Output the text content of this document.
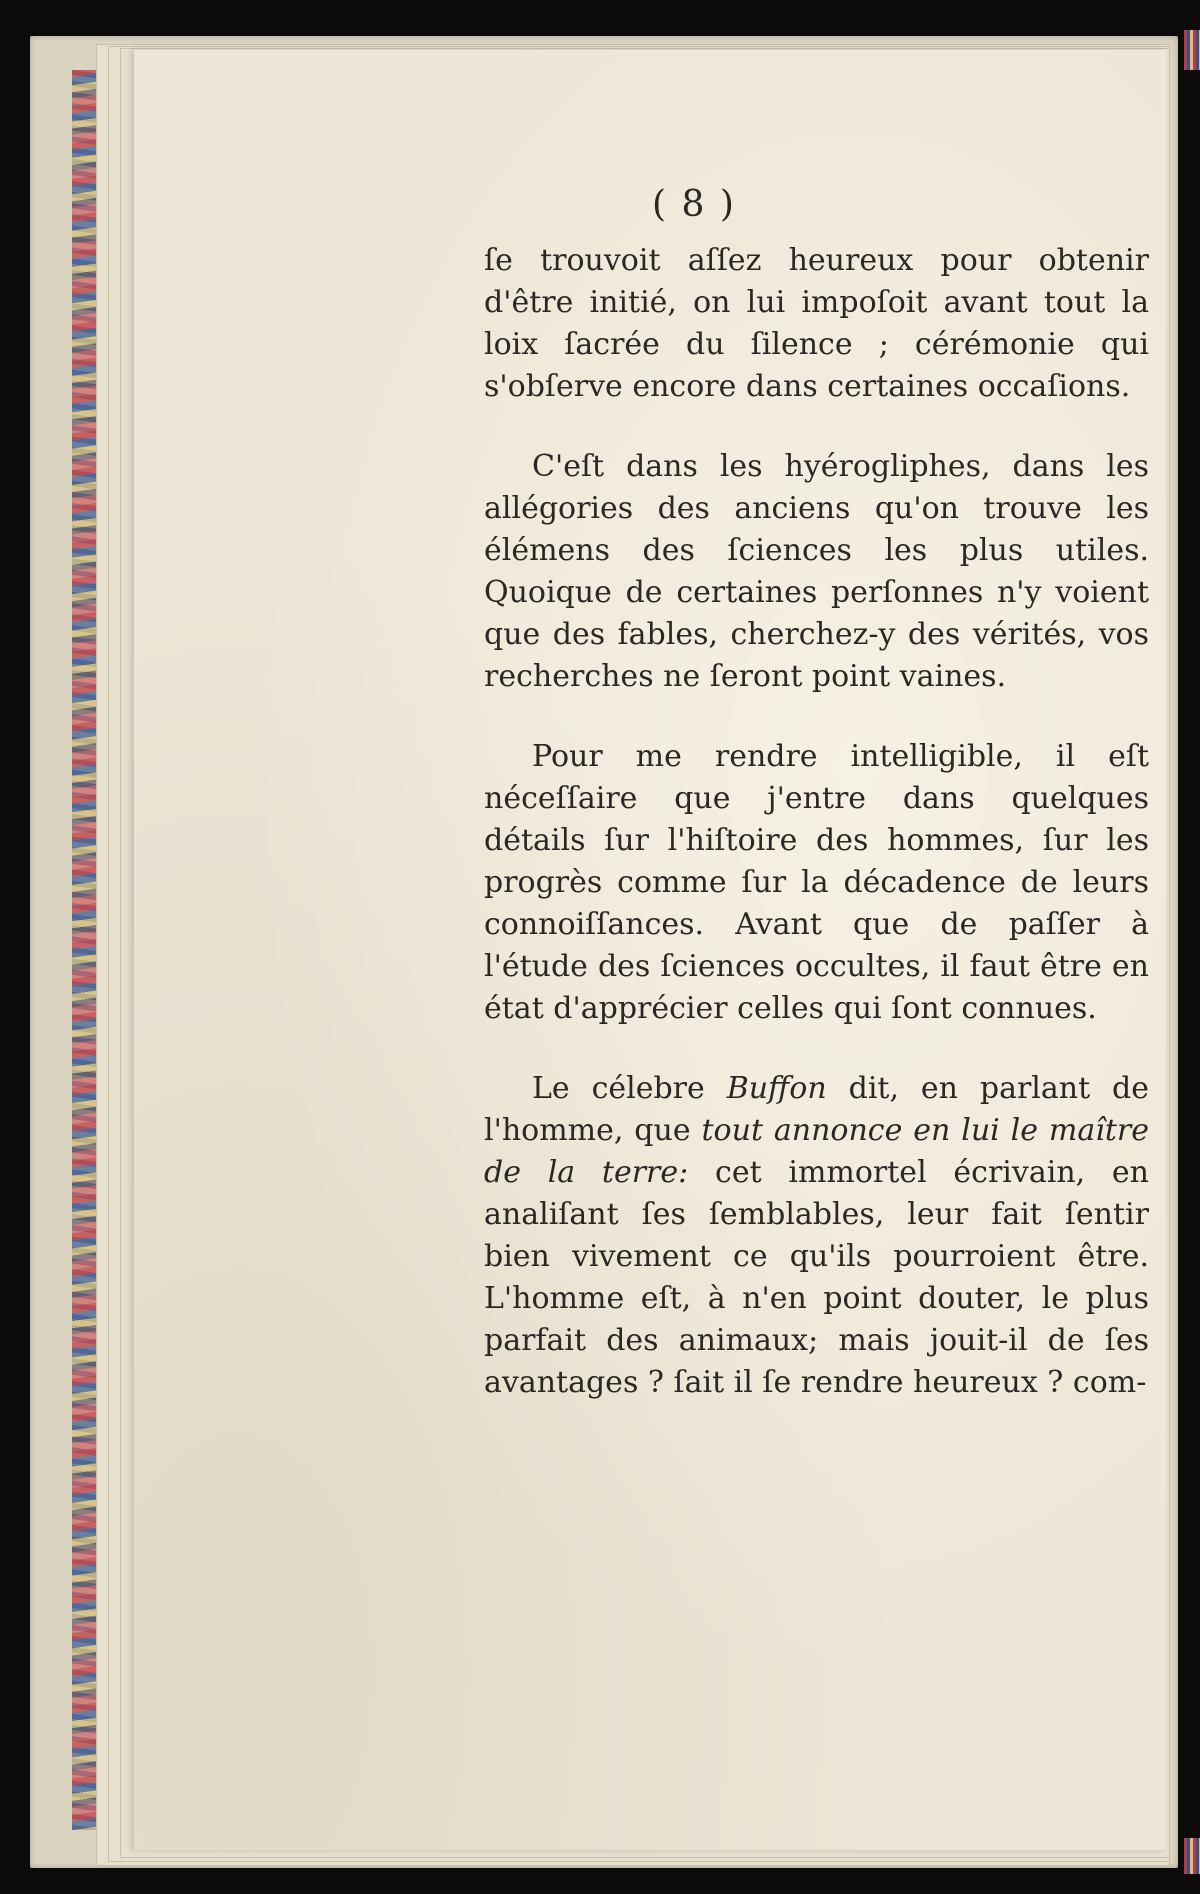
( 8 )

ſe trouvoit aſſez heureux pour obtenir d'être initié, on lui impoſoit avant tout la loix ſacrée du ſilence ; cérémonie qui s'obſerve encore dans certaines occaſions.

C'eſt dans les hyérogliphes, dans les allégories des anciens qu'on trouve les élémens des ſciences les plus utiles. Quoique de certaines perſonnes n'y voient que des fables, cherchez-y des vérités, vos recherches ne ſeront point vaines.

Pour me rendre intelligible, il eſt néceſſaire que j'entre dans quelques détails ſur l'hiſtoire des hommes, ſur les progrès comme ſur la décadence de leurs connoiſſances. Avant que de paſſer à l'étude des ſciences occultes, il faut être en état d'apprécier celles qui ſont connues.

Le célebre Buffon dit, en parlant de l'homme, que tout annonce en lui le maître de la terre: cet immortel écrivain, en analiſant ſes ſemblables, leur fait ſentir bien vivement ce qu'ils pourroient être. L'homme eſt, à n'en point douter, le plus parfait des animaux; mais jouit-il de ſes avantages ? ſait il ſe rendre heureux ? com-
